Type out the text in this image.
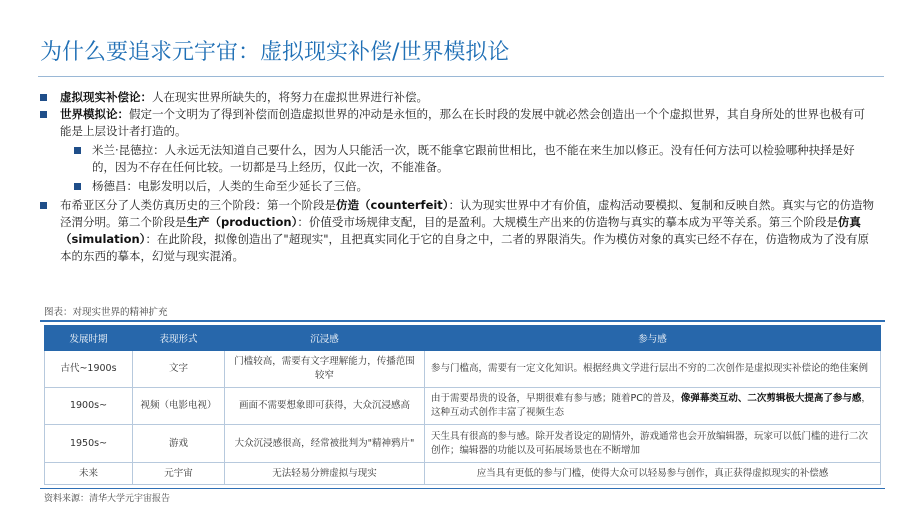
为什么要追求元宇宙：虚拟现实补偿/世界模拟论
虚拟现实补偿论：人在现实世界所缺失的，将努力在虚拟世界进行补偿。
世界模拟论：假定一个文明为了得到补偿而创造虚拟世界的冲动是永恒的，那么在长时段的发展中就必然会创造出一个个虚拟世界，其自身所处的世界也极有可能是上层设计者打造的。
米兰·昆德拉：人永远无法知道自己要什么，因为人只能活一次，既不能拿它跟前世相比，也不能在来生加以修正。没有任何方法可以检验哪种抉择是好的，因为不存在任何比较。一切都是马上经历，仅此一次，不能准备。
杨德昌：电影发明以后，人类的生命至少延长了三倍。
布希亚区分了人类仿真历史的三个阶段：第一个阶段是仿造（counterfeit）：认为现实世界中才有价值，虚构活动要模拟、复制和反映自然。真实与它的仿造物泾渭分明。第二个阶段是生产（production）：价值受市场规律支配，目的是盈利。大规模生产出来的仿造物与真实的摹本成为平等关系。第三个阶段是仿真（simulation）：在此阶段，拟像创造出了"超现实"，且把真实同化于它的自身之中，二者的界限消失。作为模仿对象的真实已经不存在，仿造物成为了没有原本的东西的摹本，幻觉与现实混淆。
图表：对现实世界的精神扩充
发展时期	表现形式	沉浸感	参与感
古代~1900s	文字	门槛较高，需要有文字理解能力，传播范围较窄	参与门槛高，需要有一定文化知识。根据经典文学进行层出不穷的二次创作是虚拟现实补偿论的绝佳案例
1900s~	视频（电影电视）	画面不需要想象即可获得，大众沉浸感高	由于需要昂贵的设备，早期很难有参与感；随着PC的普及，像弹幕类互动、二次剪辑极大提高了参与感，这种互动式创作丰富了视频生态
1950s~	游戏	大众沉浸感很高，经常被批判为"精神鸦片"	天生具有很高的参与感。除开发者设定的剧情外，游戏通常也会开放编辑器，玩家可以低门槛的进行二次创作；编辑器的功能以及可拓展场景也在不断增加
未来	元宇宙	无法轻易分辨虚拟与现实	应当具有更低的参与门槛，使得大众可以轻易参与创作，真正获得虚拟现实的补偿感
资料来源：清华大学元宇宙报告
